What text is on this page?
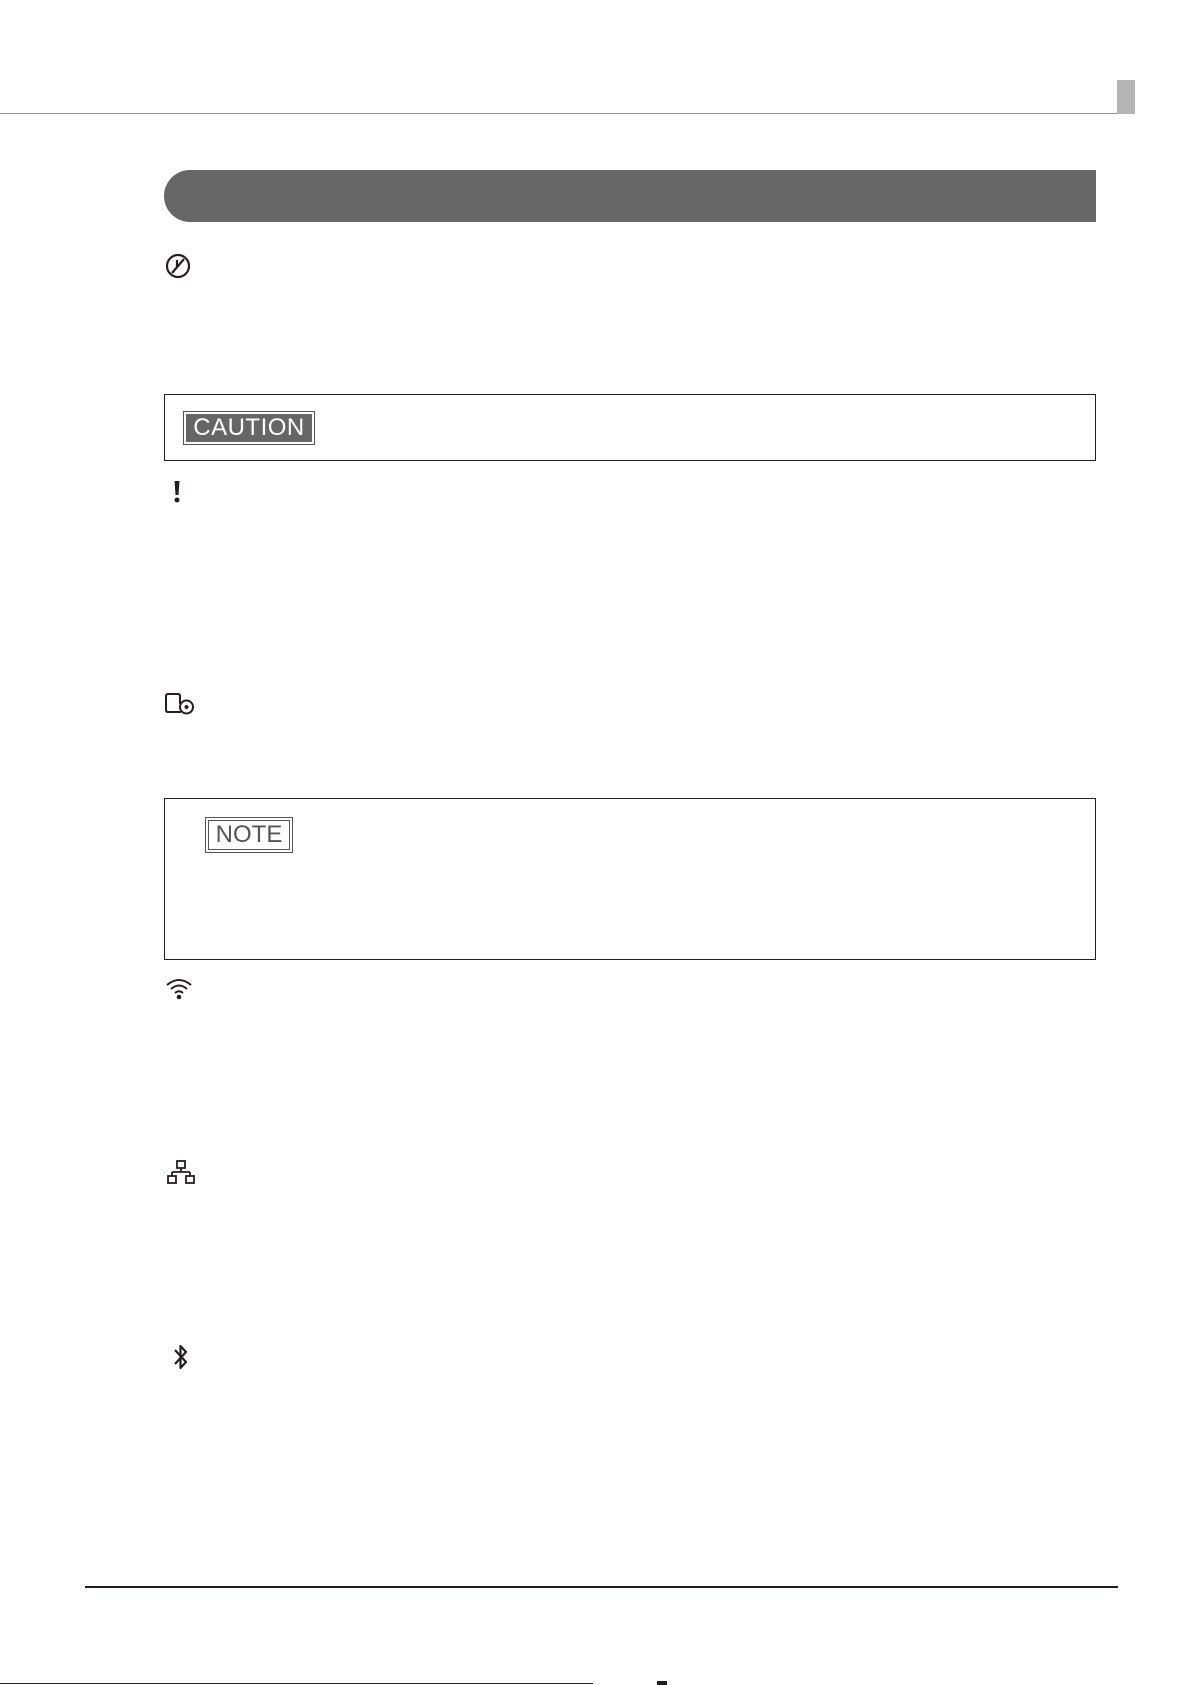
CAUTION
NOTE
